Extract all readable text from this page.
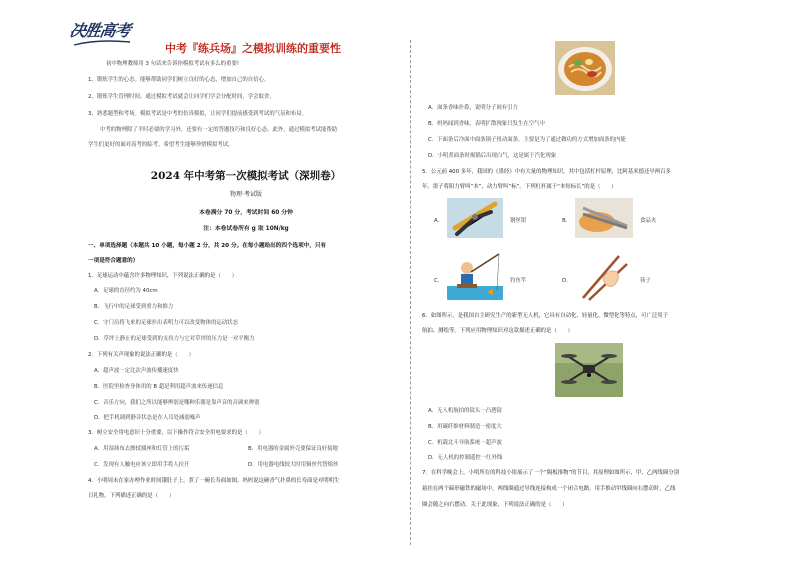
决胜高考
中考『练兵场』之模拟训练的重要性
初中物理教师用 3 句话来告诉你模拟考试有多么的重要!
1、锻炼学生的心态。能够帮助同学们树立良好的心态，增加自己的自信心。
2、锻炼学生管理时间。通过模拟考试就会让同学们学会分配时间，学会取舍。
3、熟悉题型和考场。模拟考试是中考的仿真模拟，让同学们提前感受到考试的气氛和布局。
中考的物理除了平时必要的学习外，还要有一定的答题技巧和良好心态。此外，通过模拟考试能帮助
学生们更好的面对高考的临考，希望考生能够珍惜模拟考试。
2024 年中考第一次模拟考试（深圳卷）
物理·考试版
本卷满分 70 分，考试时间 60 分钟
注：本卷试卷所有 g 取 10N/kg
一、单项选择题（本题共 10 小题，每小题 2 分，共 20 分。在每小题给出的四个选项中，只有
一项是符合题意的）
1．足球运动中蕴含许多物理知识，下列说法正确的是（　　）
A．足球的直径约为 40cm
B．飞行中的足球受到重力和推力
C．守门员将飞来的足球扑出表明力可以改变物体的运动状态
D．草坪上静止的足球受到的支持力与它对草坪的压力是一对平衡力
2．下列有关声现象的说法正确的是（　　）
A．超声波一定比次声波传播速度快
B．医院里检查身体用的 B 超是利用超声波来传递信息
C．音乐方向，我们之所以能够辨别是哪种乐器是靠声音的音调来辨别
D．把手机调到静音状态是在人耳处减弱噪声
3．树立安全用电意识十分重要，以下操作符合安全用电要求的是（　　）
A．用湿抹布去擦拭插座和灯管上的污垢	B．用电器的金属外壳要保证良好接地
C．发现有人触电应该立即用手将人拉开	D．用电器电线较大时用铜丝代替熔丝
4．小明周末在家办理作业时间饿肚子上，煮了一碗长寿面如图，妈妈说这碗香气扑鼻的长寿面是对明明生
日礼物。下列描述正确的是（　　）
A．面条香味扑鼻，说明分子间有引力
B．妈妈闻到香味，表明扩散现象只发生在空气中
C．下面条后冷面中面条锅子扭动面条，主要是为了通过做功的方式增加面条的内能
D．小明煮面条时揭锅后出现白气，这是属于汽化现象
5．公元前 400 多年，我国的《墨经》中有大量的物理知识，其中包括杠杆原理，比阿基米德还早两百多
年。墨子将阻力臂叫“本”，动力臂叫“标”。下列杠杆属于“本短标长”的是（　　）
A．	钢丝钳	B．	食品夹
C．	钓鱼竿	D．	筷子
6．如图所示，是我国自主研究生产的新型无人机，它具有自动化、轻量化、微型化等特点，可广泛用于
航拍、测绘等。下列应用物理知识对这款描述正确的是（　　）
A．无人机航拍的镜头一凸透镜
B．用碳纤维材料制造一密度大
C．机载北斗导航系统一超声波
D．无人机的控制遥控一红外线
7．在科学晚会上，小明所在的科技小组展示了一个“隔板推物”的节目，其原理如图所示，甲、乙两线圈分别
悬挂在两个蹄形磁铁的磁场中，两线圈通过导线连接构成一个闭合电路，用手推动甲线圈向右摆动时，乙线
圈会随之向右摆动。关于此现象，下列说法正确的是（　　）
